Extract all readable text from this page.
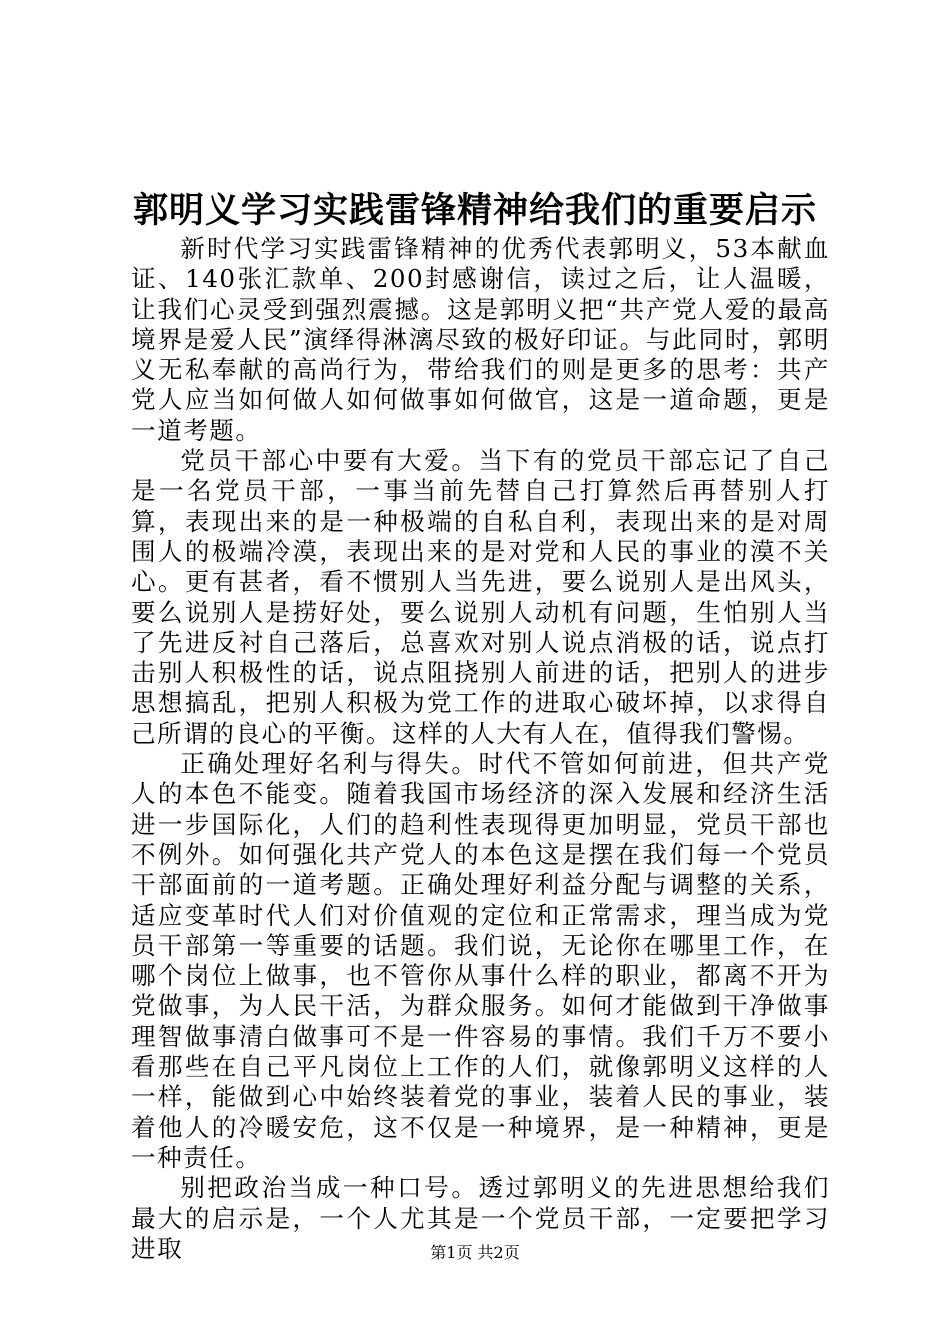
郭明义学习实践雷锋精神给我们的重要启示

新时代学习实践雷锋精神的优秀代表郭明义，53本献血证、140张汇款单、200封感谢信，读过之后，让人温暖，让我们心灵受到强烈震撼。这是郭明义把“共产党人爱的最高境界是爱人民”演绎得淋漓尽致的极好印证。与此同时，郭明义无私奉献的高尚行为，带给我们的则是更多的思考：共产党人应当如何做人如何做事如何做官，这是一道命题，更是一道考题。

党员干部心中要有大爱。当下有的党员干部忘记了自己是一名党员干部，一事当前先替自己打算然后再替别人打算，表现出来的是一种极端的自私自利，表现出来的是对周围人的极端冷漠，表现出来的是对党和人民的事业的漠不关心。更有甚者，看不惯别人当先进，要么说别人是出风头，要么说别人是捞好处，要么说别人动机有问题，生怕别人当了先进反衬自己落后，总喜欢对别人说点消极的话，说点打击别人积极性的话，说点阻挠别人前进的话，把别人的进步思想搞乱，把别人积极为党工作的进取心破坏掉，以求得自己所谓的良心的平衡。这样的人大有人在，值得我们警惕。

正确处理好名利与得失。时代不管如何前进，但共产党人的本色不能变。随着我国市场经济的深入发展和经济生活进一步国际化，人们的趋利性表现得更加明显，党员干部也不例外。如何强化共产党人的本色这是摆在我们每一个党员干部面前的一道考题。正确处理好利益分配与调整的关系，适应变革时代人们对价值观的定位和正常需求，理当成为党员干部第一等重要的话题。我们说，无论你在哪里工作，在哪个岗位上做事，也不管你从事什么样的职业，都离不开为党做事，为人民干活，为群众服务。如何才能做到干净做事理智做事清白做事可不是一件容易的事情。我们千万不要小看那些在自己平凡岗位上工作的人们，就像郭明义这样的人一样，能做到心中始终装着党的事业，装着人民的事业，装着他人的冷暖安危，这不仅是一种境界，是一种精神，更是一种责任。

别把政治当成一种口号。透过郭明义的先进思想给我们最大的启示是，一个人尤其是一个党员干部，一定要把学习进取	第1页 共2页
